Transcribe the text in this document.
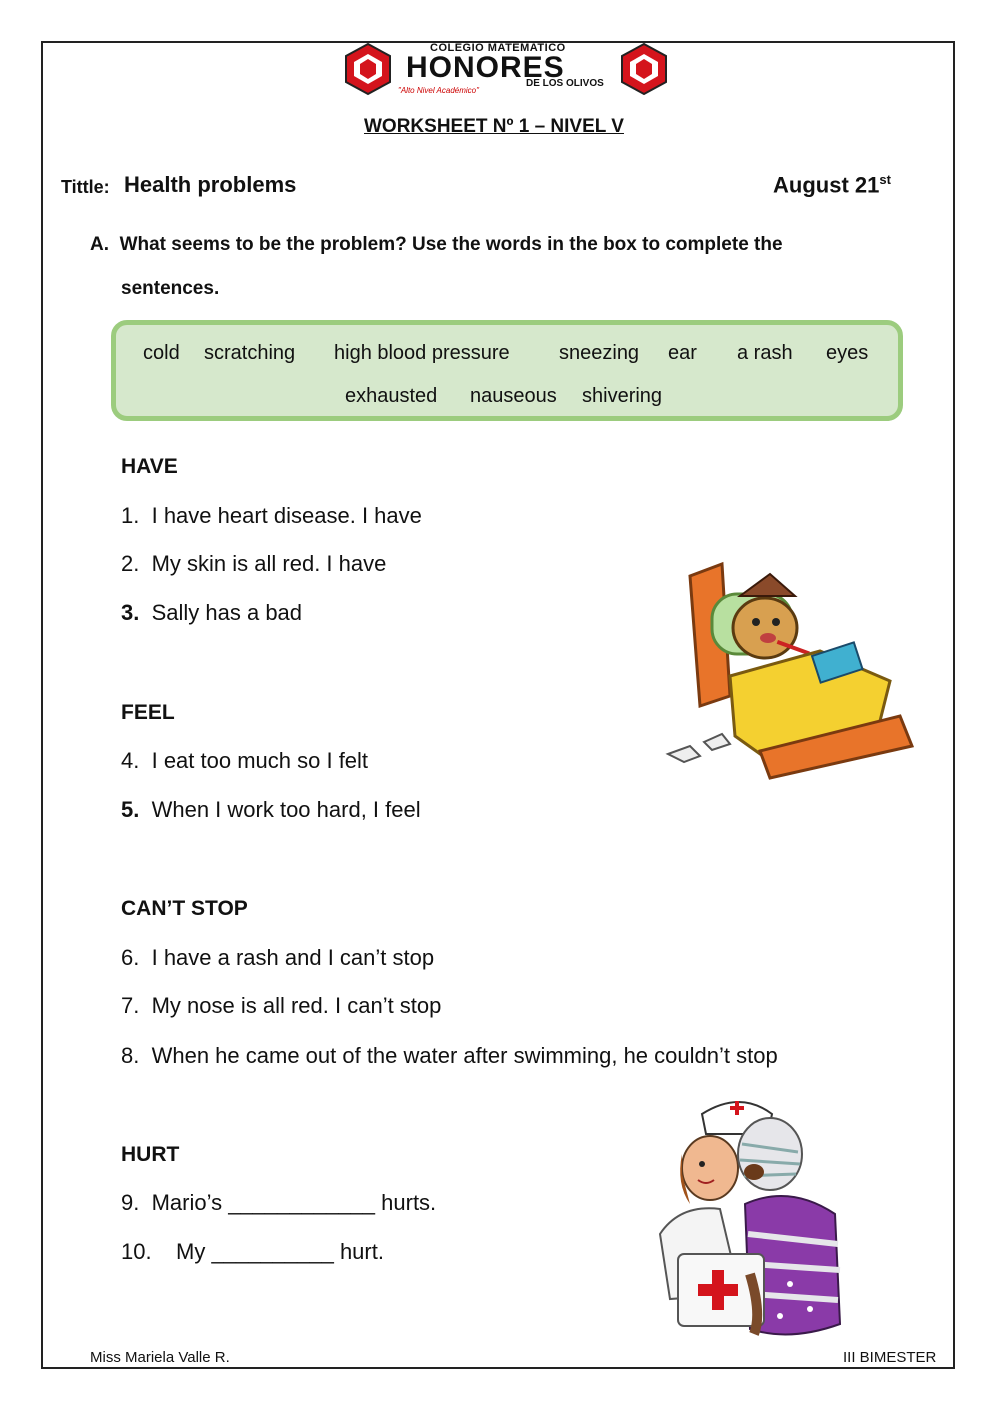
COLEGIO MATEMATICO
HONORES
DE LOS OLIVOS
"Alto Nivel Académico"
WORKSHEET Nº 1 – NIVEL V
Tittle: Health problems	August 21st
A. What seems to be the problem? Use the words in the box to complete the
sentences.
cold scratching high blood pressure sneezing ear a rash eyes
exhausted nauseous shivering
HAVE
1. I have heart disease. I have
2. My skin is all red. I have
3. Sally has a bad
FEEL
4. I eat too much so I felt
5. When I work too hard, I feel
CAN’T STOP
6. I have a rash and I can’t stop
7. My nose is all red. I can’t stop
8. When he came out of the water after swimming, he couldn’t stop
HURT
9. Mario’s ____________ hurts.
10. My __________ hurt.
Miss Mariela Valle R.	III BIMESTER
